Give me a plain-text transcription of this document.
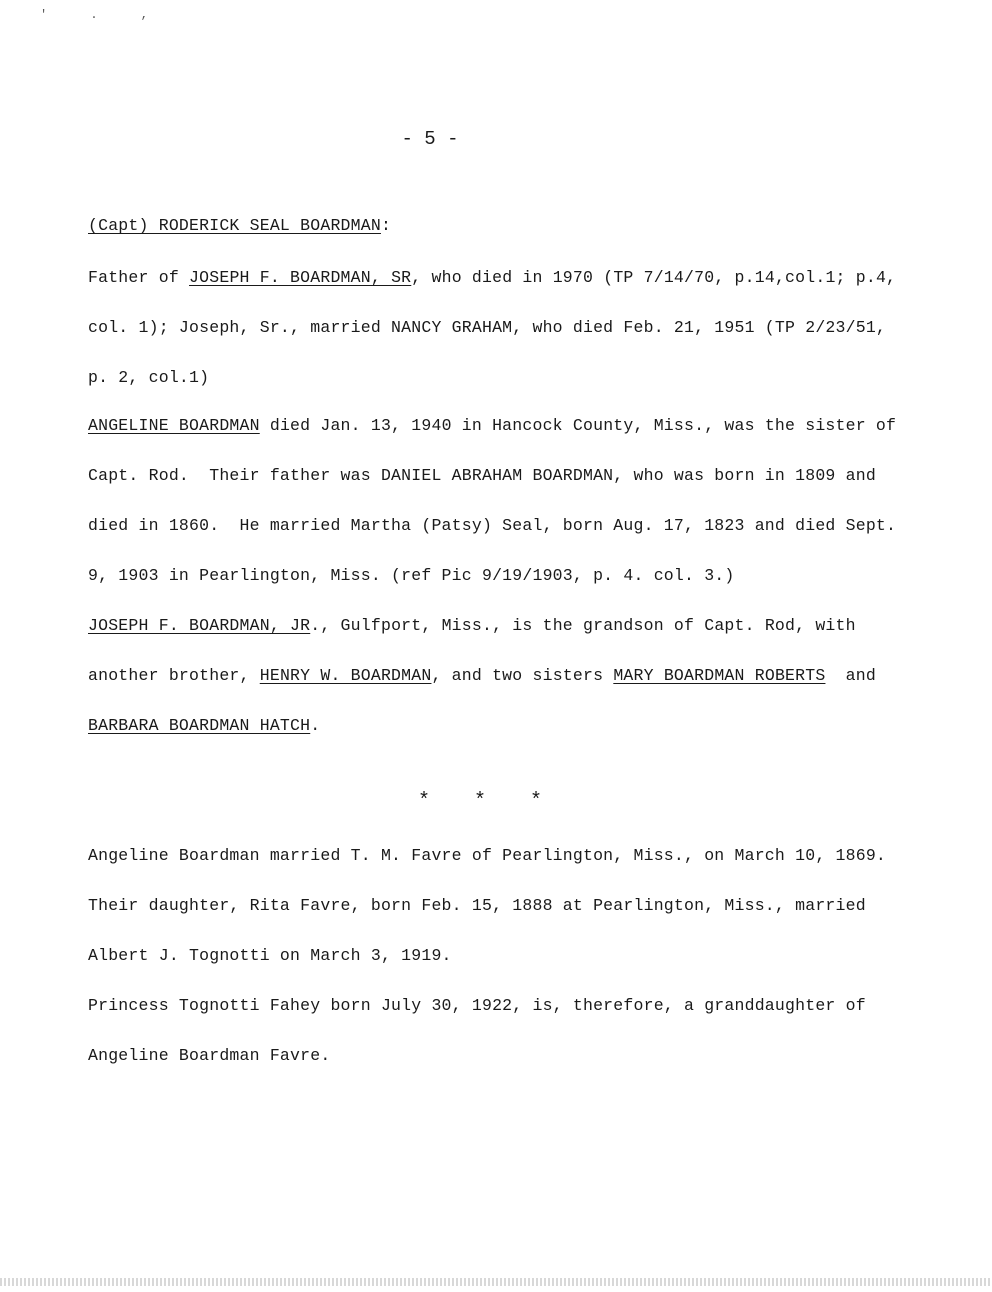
' . ,
- 5 -
(Capt) RODERICK SEAL BOARDMAN:
Father of JOSEPH F. BOARDMAN, SR, who died in 1970 (TP 7/14/70, p.14,col.1; p.4,
col. 1); Joseph, Sr., married NANCY GRAHAM, who died Feb. 21, 1951 (TP 2/23/51,
p. 2, col.1)
ANGELINE BOARDMAN died Jan. 13, 1940 in Hancock County, Miss., was the sister of
Capt. Rod.  Their father was DANIEL ABRAHAM BOARDMAN, who was born in 1809 and
died in 1860.  He married Martha (Patsy) Seal, born Aug. 17, 1823 and died Sept.
9, 1903 in Pearlington, Miss. (ref Pic 9/19/1903, p. 4. col. 3.)
JOSEPH F. BOARDMAN, JR., Gulfport, Miss., is the grandson of Capt. Rod, with
another brother, HENRY W. BOARDMAN, and two sisters MARY BOARDMAN ROBERTS  and
BARBARA BOARDMAN HATCH.
* * *
Angeline Boardman married T. M. Favre of Pearlington, Miss., on March 10, 1869.
Their daughter, Rita Favre, born Feb. 15, 1888 at Pearlington, Miss., married
Albert J. Tognotti on March 3, 1919.
Princess Tognotti Fahey born July 30, 1922, is, therefore, a granddaughter of
Angeline Boardman Favre.
